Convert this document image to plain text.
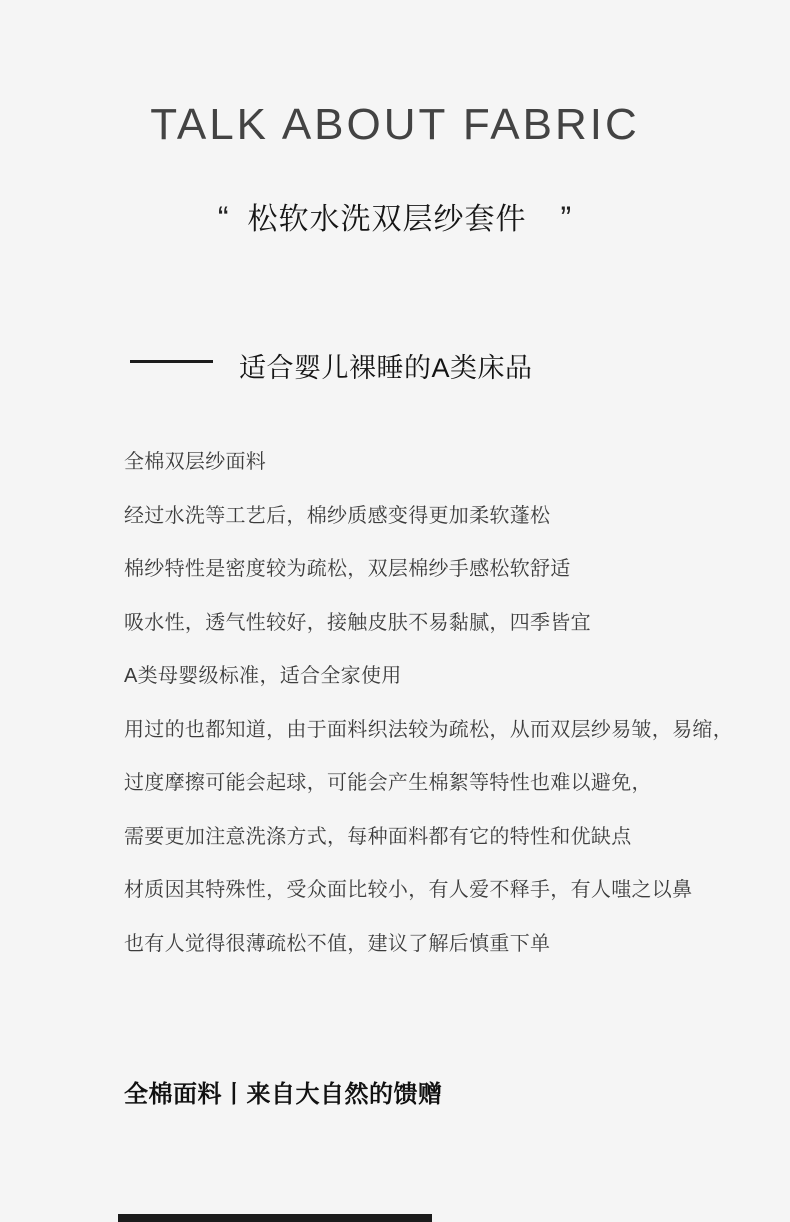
TALK ABOUT FABRIC
“ 松软水洗双层纱套件 ”
适合婴儿裸睡的A类床品

全棉双层纱面料

经过水洗等工艺后，棉纱质感变得更加柔软蓬松

棉纱特性是密度较为疏松，双层棉纱手感松软舒适

吸水性，透气性较好，接触皮肤不易黏腻，四季皆宜

A类母婴级标准，适合全家使用

用过的也都知道，由于面料织法较为疏松，从而双层纱易皱，易缩，

过度摩擦可能会起球，可能会产生棉絮等特性也难以避免，

需要更加注意洗涤方式，每种面料都有它的特性和优缺点

材质因其特殊性，受众面比较小，有人爱不释手，有人嗤之以鼻

也有人觉得很薄疏松不值，建议了解后慎重下单

全棉面料丨来自大自然的馈赠
